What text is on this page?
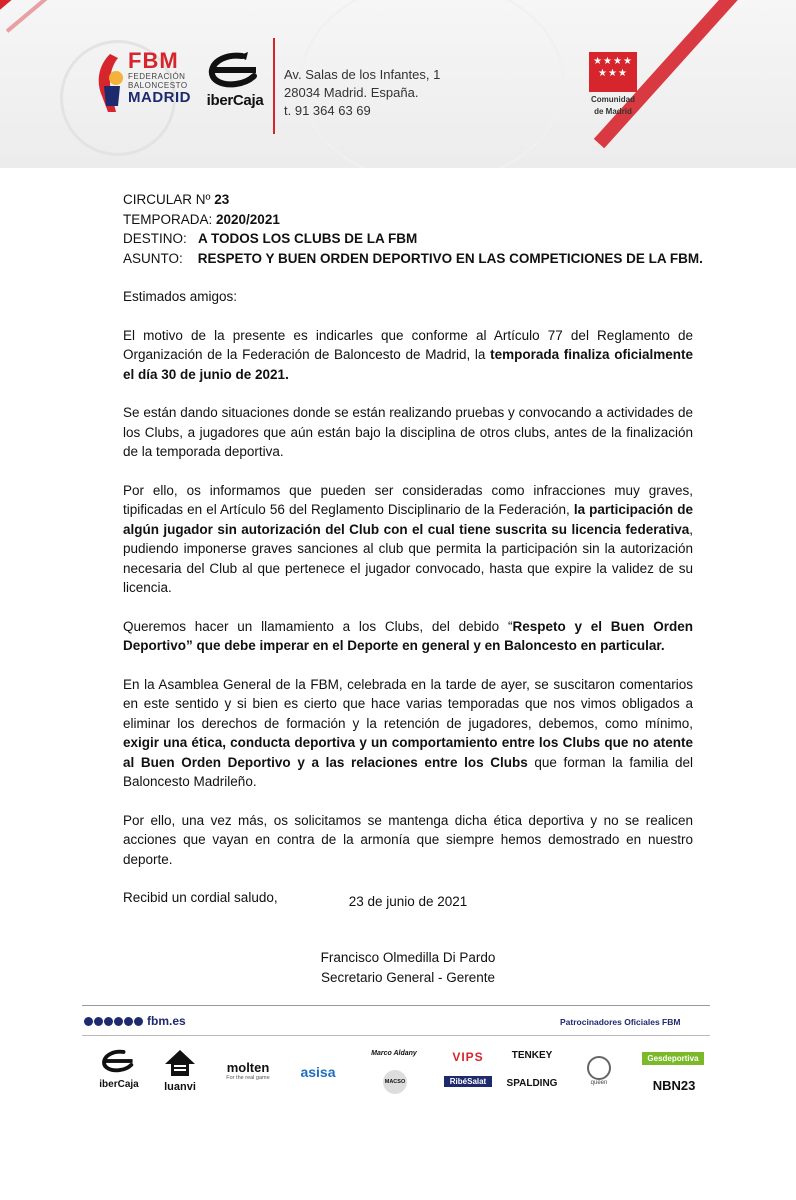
FBM
FEDERACIÓN
BALONCESTO
MADRID	iberCaja
Av. Salas de los Infantes, 1
28034 Madrid. España.
t. 91 364 63 69
★★★★
★★★
Comunidad
de Madrid
CIRCULAR Nº 23
TEMPORADA: 2020/2021
DESTINO:   A TODOS LOS CLUBS DE LA FBM
ASUNTO:    RESPETO Y BUEN ORDEN DEPORTIVO EN LAS COMPETICIONES DE LA FBM.

Estimados amigos:

El motivo de la presente es indicarles que conforme al Artículo 77 del Reglamento de Organización de la Federación de Baloncesto de Madrid, la temporada finaliza oficialmente el día 30 de junio de 2021.

Se están dando situaciones donde se están realizando pruebas y convocando a actividades de los Clubs, a jugadores que aún están bajo la disciplina de otros clubs, antes de la finalización de la temporada deportiva.

Por ello, os informamos que pueden ser consideradas como infracciones muy graves, tipificadas en el Artículo 56 del Reglamento Disciplinario de la Federación, la participación de algún jugador sin autorización del Club con el cual tiene suscrita su licencia federativa, pudiendo imponerse graves sanciones al club que permita la participación sin la autorización necesaria del Club al que pertenece el jugador convocado, hasta que expire la validez de su licencia.

Queremos hacer un llamamiento a los Clubs, del debido “Respeto y el Buen Orden Deportivo” que debe imperar en el Deporte en general y en Baloncesto en particular.

En la Asamblea General de la FBM, celebrada en la tarde de ayer, se suscitaron comentarios en este sentido y si bien es cierto que hace varias temporadas que nos vimos obligados a eliminar los derechos de formación y la retención de jugadores, debemos, como mínimo, exigir una ética, conducta deportiva y un comportamiento entre los Clubs que no atente al Buen Orden Deportivo y a las relaciones entre los Clubs que forman la familia del Baloncesto Madrileño.

Por ello, una vez más, os solicitamos se mantenga dicha ética deportiva y no se realicen acciones que vayan en contra de la armonía que siempre hemos demostrado en nuestro deporte.

Recibid un cordial saludo,	23 de junio de 2021
Francisco Olmedilla Di Pardo
Secretario General - Gerente
fbm.es	Patrocinadores Oficiales FBM
iberCaja	luanvi
molten
For the real game	asisa
Marco Aldany
MACSO
VIPS
RibéSalat
TENKEY
SPALDING	queen
Gesdeportiva
NBN23
